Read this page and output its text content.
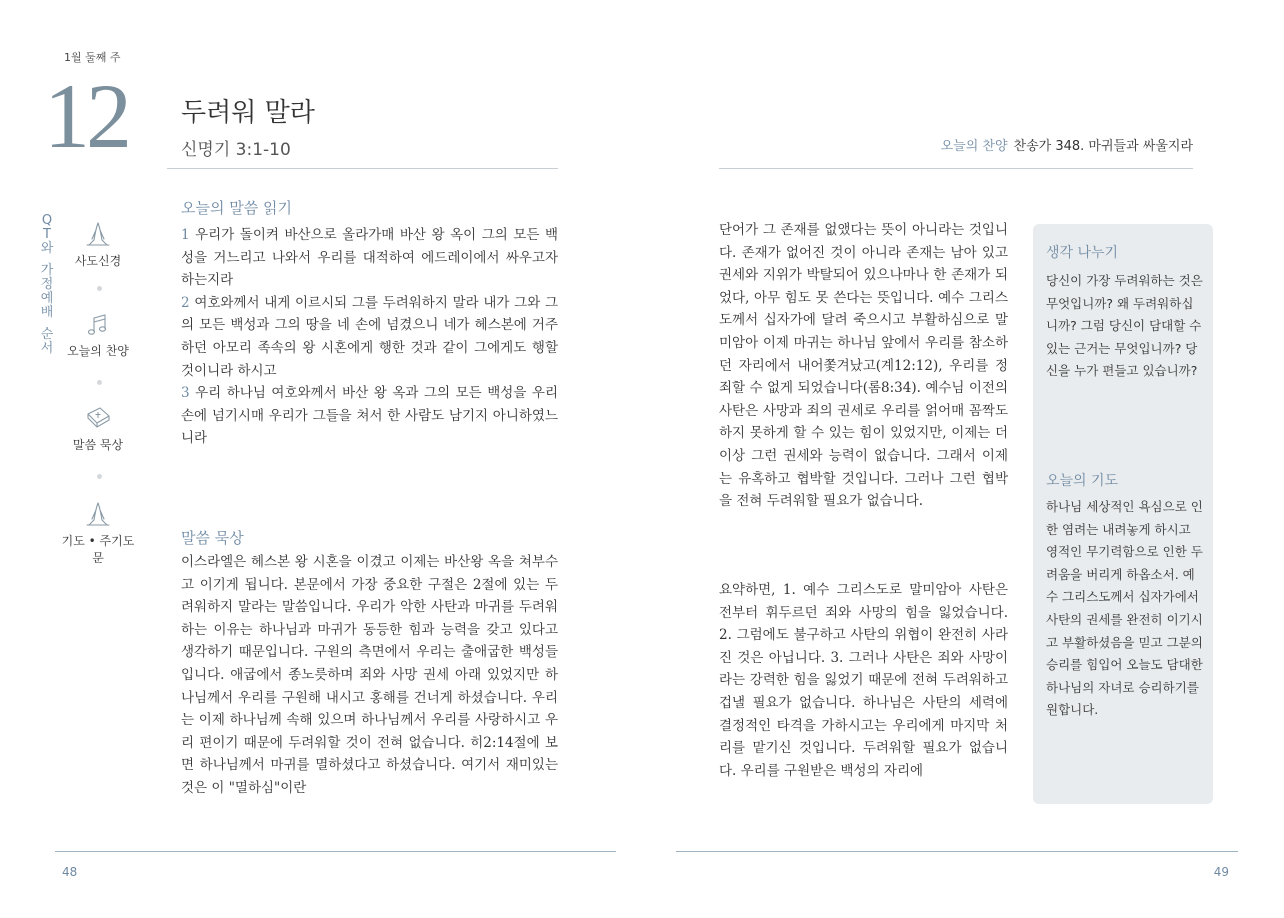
1월 둘째 주
12 두려워 말라
신명기 3:1-10	오늘의 찬양 찬송가 348. 마귀들과 싸울지라
Q
T
와
가
정
예
배
순
서
사도신경
오늘의 찬양
말씀 묵상
기도 • 주기도문
오늘의 말씀 읽기
1 우리가 돌이켜 바산으로 올라가매 바산 왕 옥이 그의 모든 백성을 거느리고 나와서 우리를 대적하여 에드레이에서 싸우고자 하는지라
2 여호와께서 내게 이르시되 그를 두려워하지 말라 내가 그와 그의 모든 백성과 그의 땅을 네 손에 넘겼으니 네가 헤스본에 거주하던 아모리 족속의 왕 시혼에게 행한 것과 같이 그에게도 행할 것이니라 하시고
3 우리 하나님 여호와께서 바산 왕 옥과 그의 모든 백성을 우리 손에 넘기시매 우리가 그들을 쳐서 한 사람도 남기지 아니하였느니라
말씀 묵상
이스라엘은 헤스본 왕 시혼을 이겼고 이제는 바산왕 옥을 쳐부수고 이기게 됩니다. 본문에서 가장 중요한 구절은 2절에 있는 두려워하지 말라는 말씀입니다. 우리가 악한 사탄과 마귀를 두려워하는 이유는 하나님과 마귀가 동등한 힘과 능력을 갖고 있다고 생각하기 때문입니다. 구원의 측면에서 우리는 출애굽한 백성들입니다. 애굽에서 종노릇하며 죄와 사망 권세 아래 있었지만 하나님께서 우리를 구원해 내시고 홍해를 건너게 하셨습니다. 우리는 이제 하나님께 속해 있으며 하나님께서 우리를 사랑하시고 우리 편이기 때문에 두려워할 것이 전혀 없습니다. 히2:14절에 보면 하나님께서 마귀를 멸하셨다고 하셨습니다. 여기서 재미있는 것은 이 "멸하심"이란
단어가 그 존재를 없앴다는 뜻이 아니라는 것입니다. 존재가 없어진 것이 아니라 존재는 남아 있고 권세와 지위가 박탈되어 있으나마나 한 존재가 되었다, 아무 힘도 못 쓴다는 뜻입니다. 예수 그리스도께서 십자가에 달려 죽으시고 부활하심으로 말미암아 이제 마귀는 하나님 앞에서 우리를 참소하던 자리에서 내어쫓겨났고(계12:12), 우리를 정죄할 수 없게 되었습니다(롬8:34). 예수님 이전의 사탄은 사망과 죄의 권세로 우리를 얽어매 꼼짝도 하지 못하게 할 수 있는 힘이 있었지만, 이제는 더 이상 그런 권세와 능력이 없습니다. 그래서 이제는 유혹하고 협박할 것입니다. 그러나 그런 협박을 전혀 두려워할 필요가 없습니다.
요약하면, 1. 예수 그리스도로 말미암아 사탄은 전부터 휘두르던 죄와 사망의 힘을 잃었습니다. 2. 그럼에도 불구하고 사탄의 위협이 완전히 사라진 것은 아닙니다. 3. 그러나 사탄은 죄와 사망이라는 강력한 힘을 잃었기 때문에 전혀 두려워하고 겁낼 필요가 없습니다. 하나님은 사탄의 세력에 결정적인 타격을 가하시고는 우리에게 마지막 처리를 맡기신 것입니다. 두려워할 필요가 없습니다. 우리를 구원받은 백성의 자리에
생각 나누기
당신이 가장 두려워하는 것은 무엇입니까? 왜 두려워하십니까? 그럼 당신이 담대할 수 있는 근거는 무엇입니까? 당신을 누가 편들고 있습니까?
오늘의 기도
하나님 세상적인 욕심으로 인한 염려는 내려놓게 하시고 영적인 무기력함으로 인한 두려움을 버리게 하옵소서. 예수 그리스도께서 십자가에서 사탄의 권세를 완전히 이기시고 부활하셨음을 믿고 그분의 승리를 힘입어 오늘도 담대한 하나님의 자녀로 승리하기를 원합니다.
48	49
